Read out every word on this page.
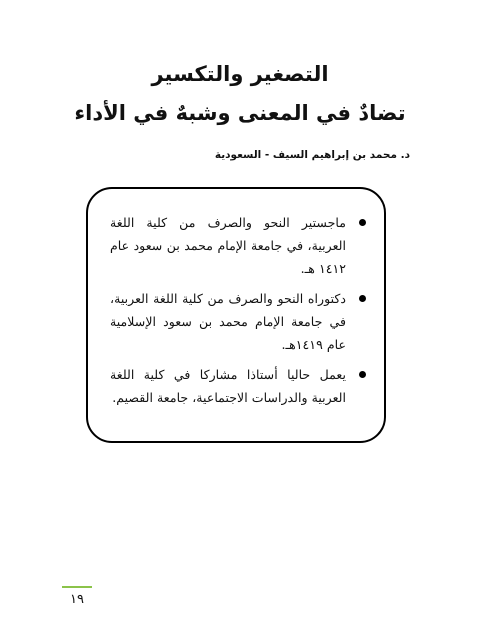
التصغير والتكسير
تضادٌ في المعنى وشبهٌ في الأداء
د. محمد بن إبراهيم السيف - السعودية
ماجستير النحو والصرف من كلية اللغة العربية، في جامعة الإمام محمد بن سعود عام ١٤١٢ هـ.
دكتوراه النحو والصرف من كلية اللغة العربية، في جامعة الإمام محمد بن سعود الإسلامية عام ١٤١٩هـ.
يعمل حاليا أستاذا مشاركا في كلية اللغة العربية والدراسات الاجتماعية، جامعة القصيم.
١٩
